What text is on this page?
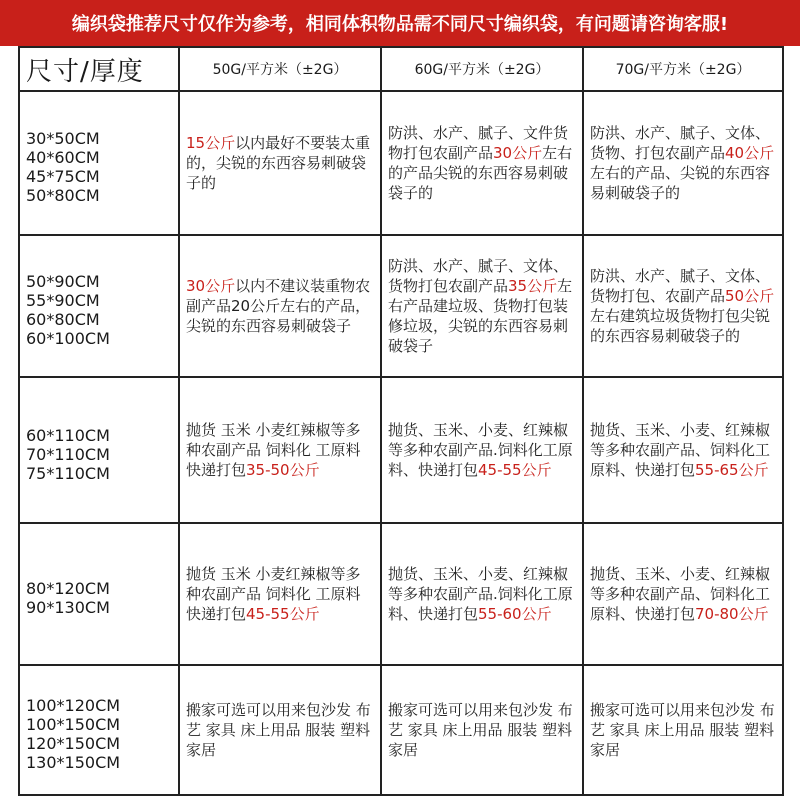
编织袋推荐尺寸仅作为参考，相同体积物品需不同尺寸编织袋，有问题请咨询客服!
尺寸/厚度	50G/平方米（±2G）	60G/平方米（±2G）	70G/平方米（±2G）
30*50CM
40*60CM
45*75CM
50*80CM	15公斤以内最好不要装太重的，尖锐的东西容易刺破袋子的	防洪、水产、腻子、文件货物打包农副产品30公斤左右的产品尖锐的东西容易刺破袋子的	防洪、水产、腻子、文体、货物、打包农副产品40公斤左右的产品、尖锐的东西容易刺破袋子的
50*90CM
55*90CM
60*80CM
60*100CM	30公斤以内不建议装重物农副产品20公斤左右的产品，尖锐的东西容易刺破袋子	防洪、水产、腻子、文体、货物打包农副产品35公斤左右产品建垃圾、货物打包装修垃圾，尖锐的东西容易刺破袋子	防洪、水产、腻子、文体、货物打包、农副产品50公斤左右建筑垃圾货物打包尖锐的东西容易刺破袋子的
60*110CM
70*110CM
75*110CM	抛货 玉米 小麦红辣椒等多种农副产品 饲料化 工原料 快递打包35-50公斤	抛货、玉米、小麦、红辣椒等多种农副产品.饲料化工原料、快递打包45-55公斤	抛货、玉米、小麦、红辣椒等多种农副产品、饲料化工原料、快递打包55-65公斤
80*120CM
90*130CM	抛货 玉米 小麦红辣椒等多种农副产品 饲料化 工原料 快递打包45-55公斤	抛货、玉米、小麦、红辣椒等多种农副产品.饲料化工原料、快递打包55-60公斤	抛货、玉米、小麦、红辣椒等多种农副产品、饲料化工原料、快递打包70-80公斤
100*120CM
100*150CM
120*150CM
130*150CM	搬家可选可以用来包沙发 布艺 家具 床上用品 服装 塑料 家居	搬家可选可以用来包沙发 布艺 家具 床上用品 服装 塑料 家居	搬家可选可以用来包沙发 布艺 家具 床上用品 服装 塑料 家居
